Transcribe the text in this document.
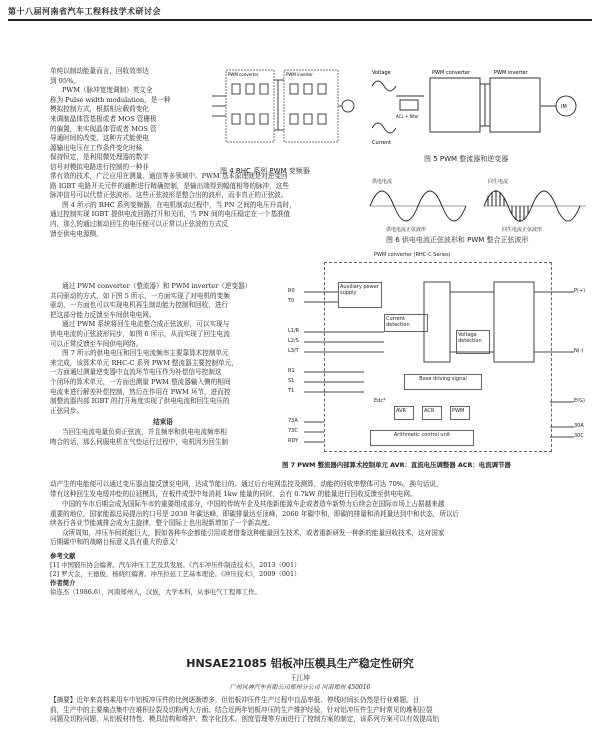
第十八届河南省汽车工程科技学术研讨会

单纯以制动能量而言，回收效率达

到 95%。

PWM（脉冲宽度调制）英文全

称为 Pulse width modulation，是一种

模拟控制方式，根据相应载荷变化

来调制晶体管基极或者 MOS 管栅极

的偏置，来实现晶体管或者 MOS 管

导通时间的改变，这种方式能使电

源输出电压在工作条件变化时候

保持恒定，是利用微处理器的数字

信号对模拟电路进行控制的一种非

PWM converter	PWM inverter
图 4 RHC 系列 PWM 变频器
Voltage	PWM converter	PWM inverter
Current
ACL + filter
IM
图 5 PWM 整流器和逆变器
供电电流	回生电流
供电电流正弦波形	回生电流正弦波形
图 6 供电电流正弦波形和 PWM 整合正弦波形

常有效的技术，广泛应用在测量、通信等多领域中。PWM 基本原理就是对逆变回

路 IGBT 电路开关元件的通断进行精确控制，是输出端得到幅值相等的脉冲，这些

脉冲信号可以代替正弦波形。这些正弦波形是整合出的波形，而非真正的正弦波。

图 4 所示的 RHC 系列变频器，在电机制动过程中，当 PN 之间的电压升高时，

通过控制实现 IGBT 提供电流回路打开和关闭，当 PN 间的电压稳定在一个基准值

内，那么的通过制动回生的电压便可以正常以正弦波的方式反

馈至供电电源侧。

通过 PWM converter（整流器）和 PWM inverter（逆变器）

共同驱动的方式，如下图 5 所示，一方面实现了对电机的变频

驱动，一方面也可以实现电机再生制动能力控制和回收，进行

把这部分能力反馈至车间供电电网。

通过 PWM 系统将回生电流整合成正弦波形，可以实现与

供电电流的正弦波形同步，如图 6 所示，从而实现了回生电流

可以正常反馈至车间供电网络。

图 7 所示的供电电压和回生电流频率主要靠算术控制单元

来完成，该算术单元 RHC-C 系列 PWM 整流器主要控制单元，

一方面通过测量逆变器中直流环节电压作为补偿信号控制这

个闭环的算术单元，一方面也测量 PWM 整流器输入侧的相间

电流来进行解差补偿控制，然后在作用在 PWM 环节，进而控

制整流器内部 IGBT 的打开角度实现了供电电流和回生电压的

正弦同步。

结束语

当回生电流电量负荷正弦波，并且频率和供电电流频率相

吻合的话，那么伺服电机在气垫运行过程中，电机因为回生制

PWM converter (RHC-C Series)
Auxiliary power supply
Current detection
Voltage detection
Base driving signal
Arithmetic control unit
Edc*
AVR	ACR	PWM
R0
T0
L1/R
L2/S
L3/T
R1
S1
T1
73A
73C
RDY
P(+)
N(-)
E(G)
30A
30C
图 7 PWM 整流器内部算术控制单元 AVR：直流电压调整器 ACR：电流调节器

动产生的电能便可以通过变压器直接反馈至电网，达成节能目的。通过后台电网监控及测算，动能的回收率整体可达 70%，换句话说，

带有这种回生发电缓冲垫的拉延模具，在板件成型中每消耗 1kw 能量的同时，会有 0.7kW 的能量进行回收反馈至供电电网。

中国的车市后期会成为国际车市的重要组成部分，中国的传统车企及其他新能源车企或者造车新势力后续会在国际市场上占据越来越

重要的地位。国家能源总局提出的口号是 2030 年碳达峰，即碳排量达至顶峰，2060 年碳中和，即碳的排量和消耗量达到中和状态，所以后

续各行各业节能减排会成为主旋律，整个国际上也出现新增加了一个新高度。

众所周知，冲压车间耗能巨大，假如各种车企都能引用或者借鉴这种能量回生技术，或者重新研发一种新的能量回收技术，这对国家

后期碳中和的战略目标意义具有重大的意义！

参考文献

[1] 中国锻压协会编著。汽车冲压工艺及其发展。《汽车冲压件制造技术》，2013（001）

[2] 罗大金，王德俊，杨晓红编著。冲压拉延工艺基本理论。《冲压技术》，2009（001）

作者简介

徐连杰（1986.6），河南郑州人，汉族，大学本科，从事电气工程师工作。

HNSAE21085 铝板冲压模具生产稳定性研究
王江坤
广州风神汽车有限公司郑州分公司 河南郑州 450016

【摘要】近年来高档乘用车中铝板冲压件的比例逐渐增多，但铝板冲压件生产过程中良品率低、停线时间长仍然是行业难题。目

前，生产中的主要痛点集中在堆积拉裂及切粉两大方面。结合近两年铝板冲压的生产维护经验，针对铝冲压件生产时常见的堆积拉裂

问题及切粉问题，从铝板材特性、模具结构和维护、数字化技术、创度管理等方面进行了控制方案的制定，该系列方案可以有效提高铝
